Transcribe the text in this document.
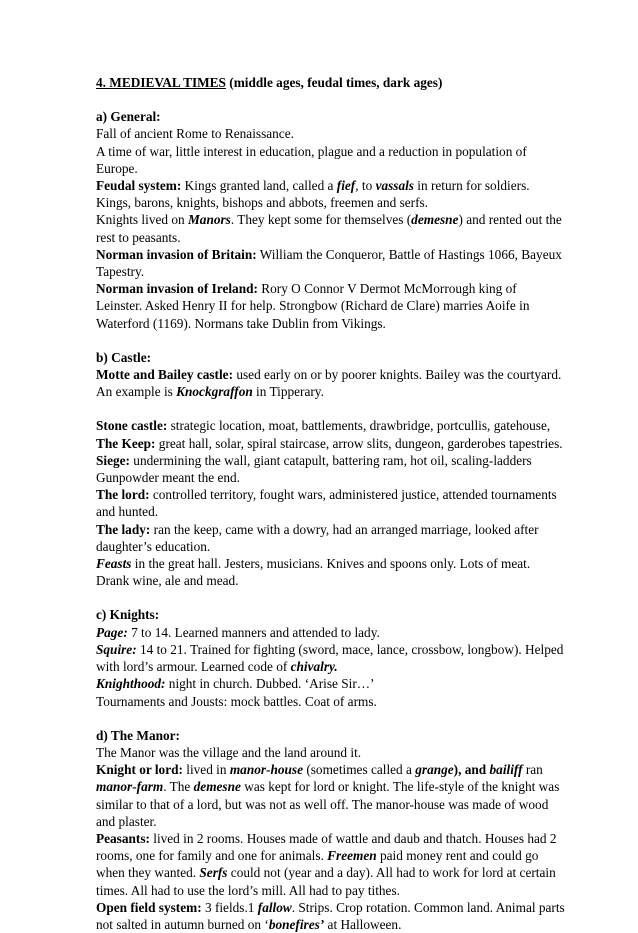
4. MEDIEVAL TIMES (middle ages, feudal times, dark ages)

a) General:

Fall of ancient Rome to Renaissance.

A time of war, little interest in education, plague and a reduction in population of Europe.

Feudal system: Kings granted land, called a fief, to vassals in return for soldiers. Kings, barons, knights, bishops and abbots, freemen and serfs.

Knights lived on Manors. They kept some for themselves (demesne) and rented out the rest to peasants.

Norman invasion of Britain: William the Conqueror, Battle of Hastings 1066, Bayeux Tapestry.

Norman invasion of Ireland: Rory O Connor V Dermot McMorrough king of Leinster. Asked Henry II for help. Strongbow (Richard de Clare) marries Aoife in Waterford (1169). Normans take Dublin from Vikings.

b) Castle:

Motte and Bailey castle: used early on or by poorer knights. Bailey was the courtyard. An example is Knockgraffon in Tipperary.

Stone castle: strategic location, moat, battlements, drawbridge, portcullis, gatehouse,

The Keep: great hall, solar, spiral staircase, arrow slits, dungeon, garderobes tapestries.

Siege: undermining the wall, giant catapult, battering ram, hot oil, scaling-ladders Gunpowder meant the end.

The lord: controlled territory, fought wars, administered justice, attended tournaments and hunted.

The lady: ran the keep, came with a dowry, had an arranged marriage, looked after daughter’s education.

Feasts in the great hall. Jesters, musicians. Knives and spoons only. Lots of meat. Drank wine, ale and mead.

c) Knights:

Page: 7 to 14. Learned manners and attended to lady.

Squire: 14 to 21. Trained for fighting (sword, mace, lance, crossbow, longbow). Helped with lord’s armour. Learned code of chivalry.

Knighthood: night in church. Dubbed. ‘Arise Sir…’

Tournaments and Jousts: mock battles. Coat of arms.

d) The Manor:

The Manor was the village and the land around it.

Knight or lord: lived in manor-house (sometimes called a grange), and bailiff ran manor-farm. The demesne was kept for lord or knight. The life-style of the knight was similar to that of a lord, but was not as well off. The manor-house was made of wood and plaster.

Peasants: lived in 2 rooms. Houses made of wattle and daub and thatch. Houses had 2 rooms, one for family and one for animals. Freemen paid money rent and could go when they wanted. Serfs could not (year and a day). All had to work for lord at certain times. All had to use the lord’s mill. All had to pay tithes.

Open field system: 3 fields.1 fallow. Strips. Crop rotation. Common land. Animal parts not salted in autumn burned on ‘bonefires’ at Halloween.
